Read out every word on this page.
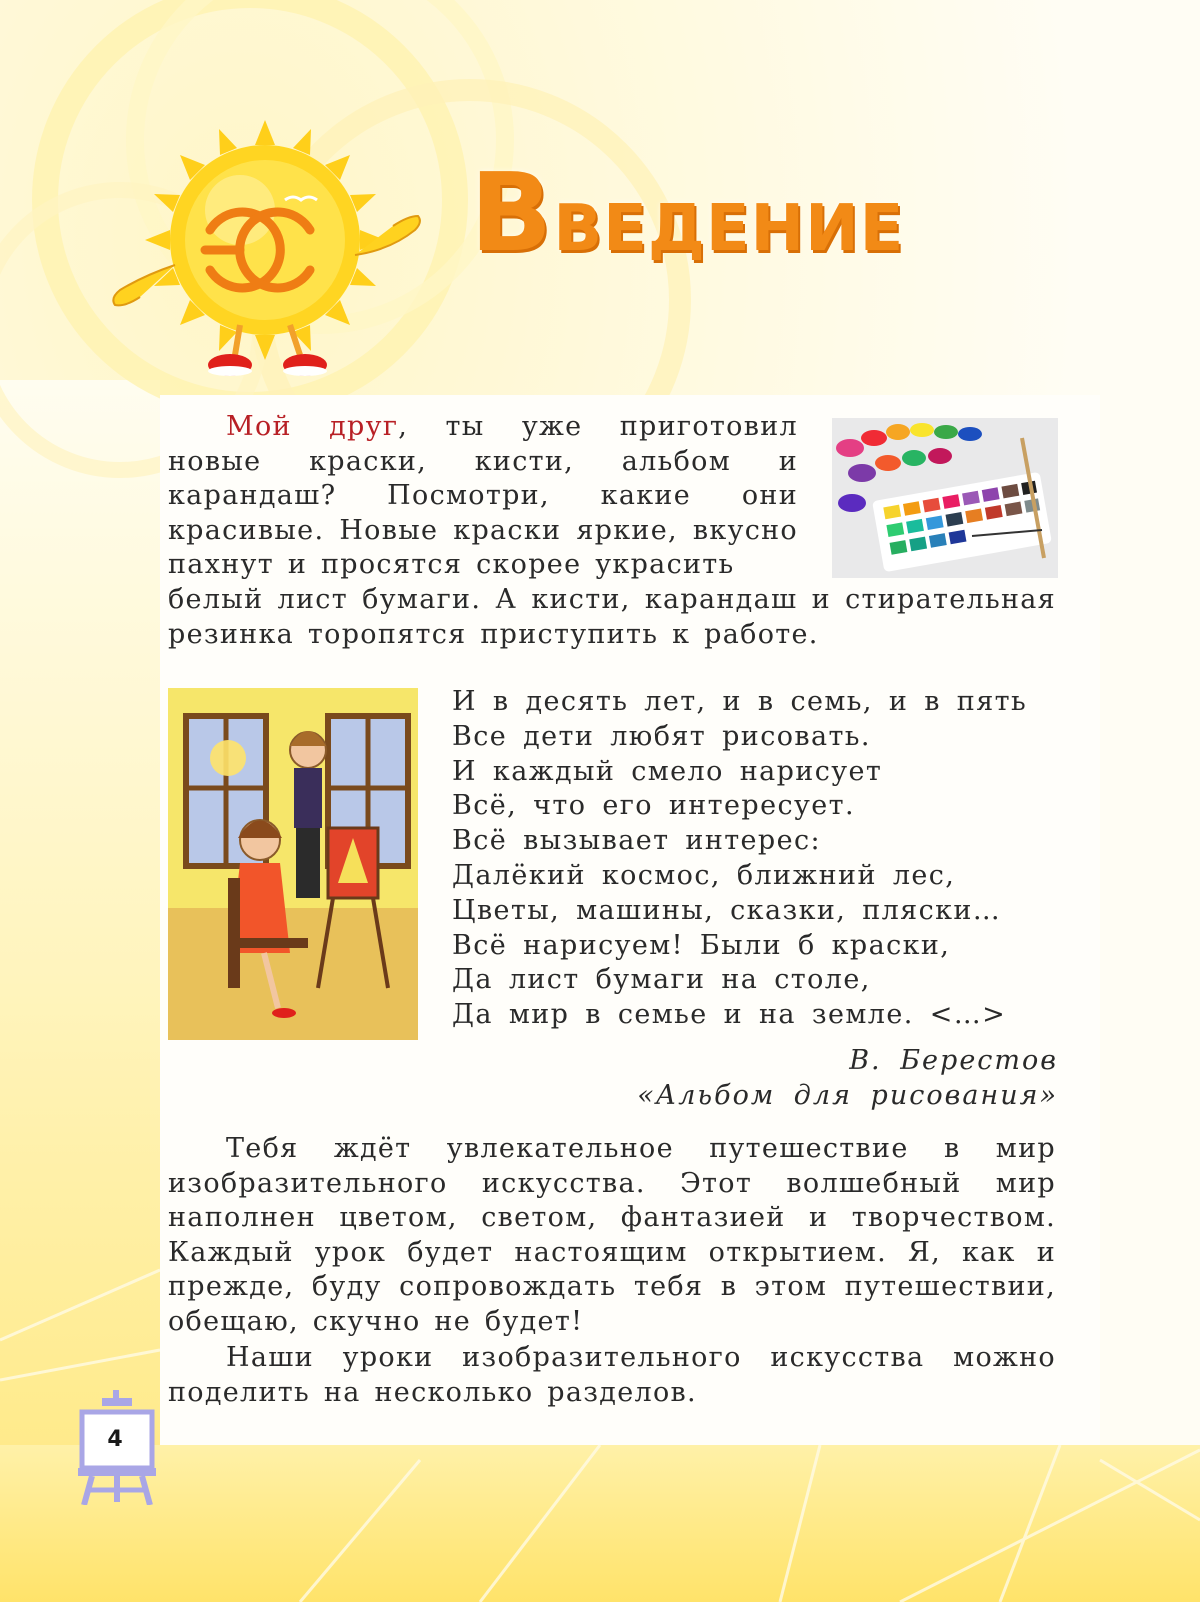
ВВЕДЕНИЕ

Мой друг, ты уже приготовил новые краски, кисти, альбом и карандаш? Посмотри, какие они красивые. Новые краски яркие, вкусно пахнут и просятся скорее украсить

белый лист бумаги. А кисти, карандаш и стирательная резинка торопятся приступить к работе.

И в десять лет, и в семь, и в пять
Все дети любят рисовать.
И каждый смело нарисует
Всё, что его интересует.
Всё вызывает интерес:
Далёкий космос, ближний лес,
Цветы, машины, сказки, пляски…
Всё нарисуем! Были б краски,
Да лист бумаги на столе,
Да мир в семье и на земле. <…>
В. Берестов
«Альбом для рисования»

Тебя ждёт увлекательное путешествие в мир изобразительного искусства. Этот волшебный мир наполнен цветом, светом, фантазией и творчеством. Каждый урок будет настоящим открытием. Я, как и прежде, буду сопровождать тебя в этом путешествии, обещаю, скучно не будет!

Наши уроки изобразительного искусства можно поделить на несколько разделов.

4
